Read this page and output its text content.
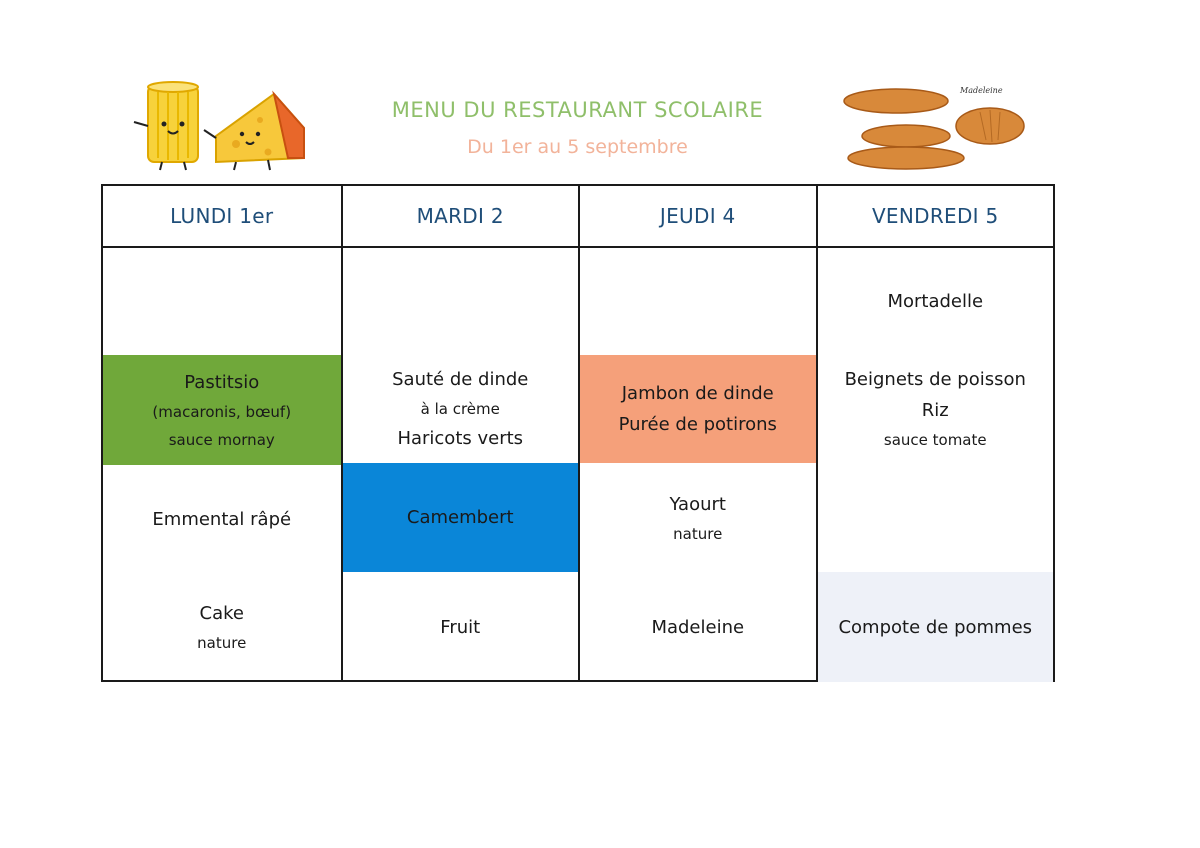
Madeleine
MENU DU RESTAURANT SCOLAIRE
Du 1er au 5 septembre
LUNDI 1er
Pastitsio
(macaronis, bœuf)
sauce mornay
Emmental râpé
Cake
nature
MARDI 2
Sauté de dinde
à la crème
Haricots verts
Camembert
Fruit
JEUDI 4
Jambon de dinde
Purée de potirons
Yaourt
nature
Madeleine
VENDREDI 5
Mortadelle
Beignets de poisson
Riz
sauce tomate
Compote de pommes
